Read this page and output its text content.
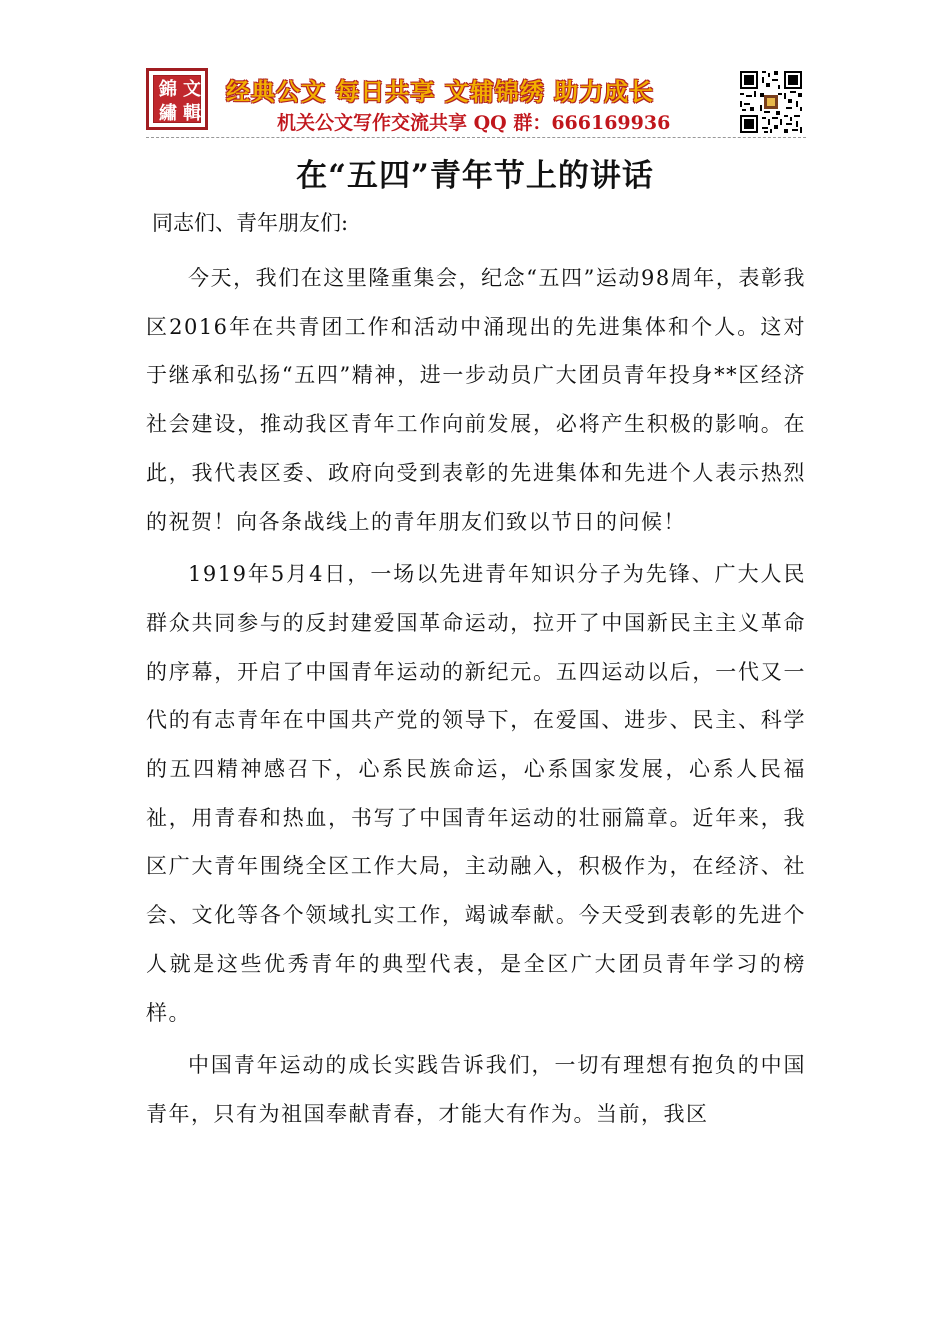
錦 文
繡 輯
经典公文 每日共享 文辅锦绣 助力成长
机关公文写作交流共享 QQ 群：666169936
在“五四”青年节上的讲话

同志们、青年朋友们:

今天，我们在这里隆重集会，纪念“五四”运动98周年，表彰我区2016年在共青团工作和活动中涌现出的先进集体和个人。这对于继承和弘扬“五四”精神，进一步动员广大团员青年投身**区经济社会建设，推动我区青年工作向前发展，必将产生积极的影响。在此，我代表区委、政府向受到表彰的先进集体和先进个人表示热烈的祝贺！向各条战线上的青年朋友们致以节日的问候！

1919年5月4日，一场以先进青年知识分子为先锋、广大人民群众共同参与的反封建爱国革命运动，拉开了中国新民主主义革命的序幕，开启了中国青年运动的新纪元。五四运动以后，一代又一代的有志青年在中国共产党的领导下，在爱国、进步、民主、科学的五四精神感召下，心系民族命运，心系国家发展，心系人民福祉，用青春和热血，书写了中国青年运动的壮丽篇章。近年来，我区广大青年围绕全区工作大局，主动融入，积极作为，在经济、社会、文化等各个领域扎实工作，竭诚奉献。今天受到表彰的先进个人就是这些优秀青年的典型代表，是全区广大团员青年学习的榜样。

中国青年运动的成长实践告诉我们，一切有理想有抱负的中国青年，只有为祖国奉献青春，才能大有作为。当前，我区
